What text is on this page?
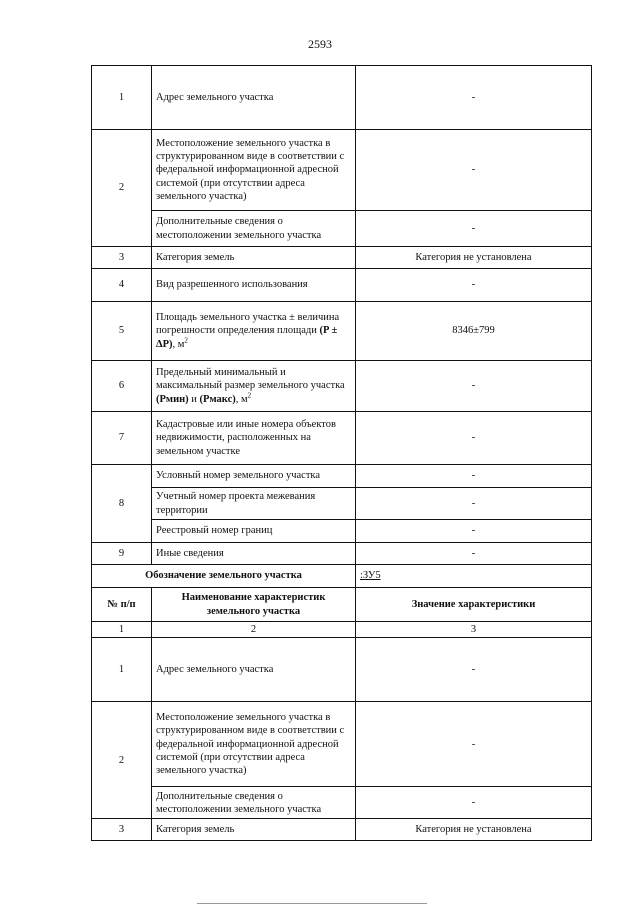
2593
1	Адрес земельного участка	-
2	Местоположение земельного участка в структурированном виде в соответствии с федеральной информационной адресной системой (при отсутствии адреса земельного участка)	-
	Дополнительные сведения о местоположении земельного участка	-
3	Категория земель	Категория не установлена
4	Вид разрешенного использования	-
5	Площадь земельного участка ± величина погрешности определения площади (P ± ΔP), $м^2$	8346±799
6	Предельный минимальный и максимальный размер земельного участка (Рмин) и (Рмакс), $м^2$	-
7	Кадастровые или иные номера объектов недвижимости, расположенных на земельном участке	-
8	Условный номер земельного участка	-
	Учетный номер проекта межевания территории	-
	Реестровый номер границ	-
9	Иные сведения	-
Обозначение земельного участка		:ЗУ5
№ п/п	Наименование характеристик земельного участка	Значение характеристики
1	2	3
1	Адрес земельного участка	-
2	Местоположение земельного участка в структурированном виде в соответствии с федеральной информационной адресной системой (при отсутствии адреса земельного участка)	-
	Дополнительные сведения о местоположении земельного участка	-
3	Категория земель	Категория не установлена
